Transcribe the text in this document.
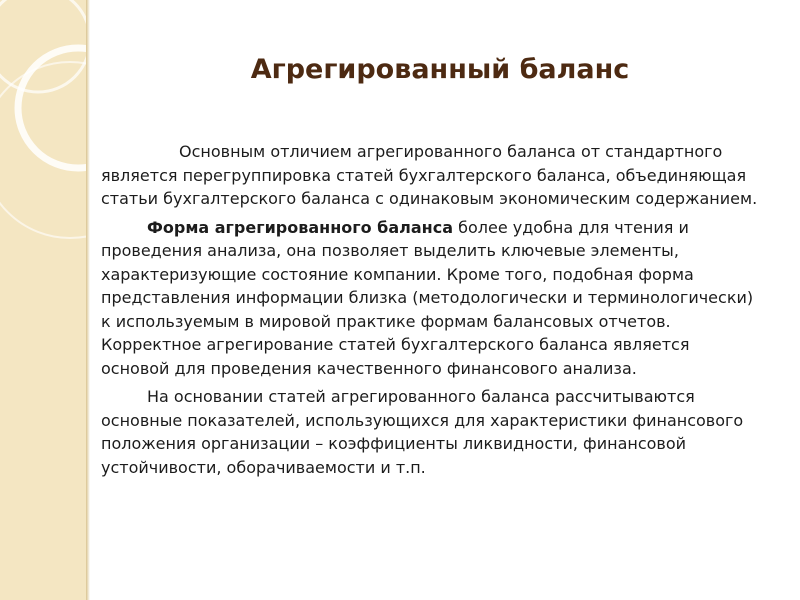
Агрегированный баланс

Основным отличием агрегированного баланса от стандартного является перегруппировка статей бухгалтерского баланса, объединяющая статьи бухгалтерского баланса с одинаковым экономическим содержанием.

Форма агрегированного баланса более удобна для чтения и проведения анализа, она позволяет выделить ключевые элементы, характеризующие состояние компании. Кроме того, подобная форма представления информации близка (методологически и терминологически) к используемым в мировой практике формам балансовых отчетов. Корректное агрегирование статей бухгалтерского баланса является основой для проведения качественного финансового анализа.

На основании статей агрегированного баланса рассчитываются основные показателей, использующихся для характеристики финансового положения организации – коэффициенты ликвидности, финансовой устойчивости, оборачиваемости и т.п.
